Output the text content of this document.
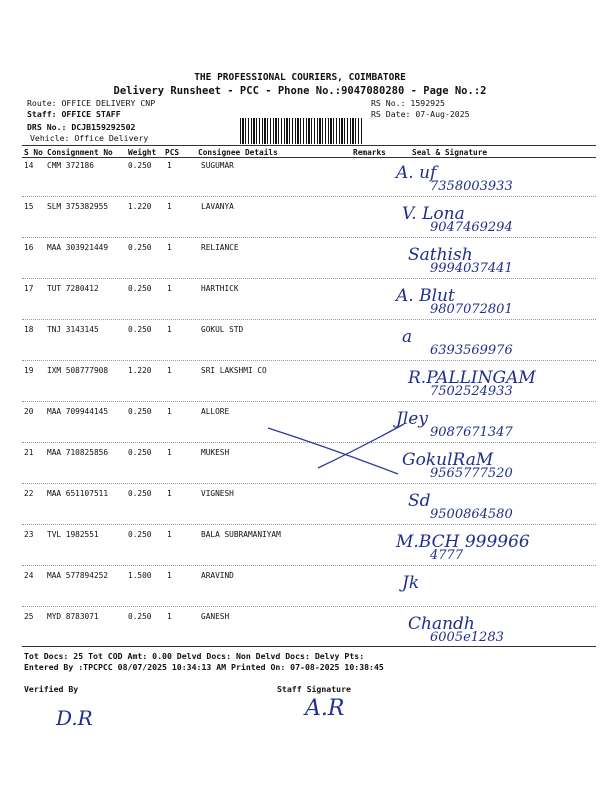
THE PROFESSIONAL COURIERS, COIMBATORE
Delivery Runsheet - PCC - Phone No.:9047080280 - Page No.:2
Route: OFFICE DELIVERY CNP
Staff: OFFICE STAFF
DRS No.: DCJB159292502
Vehicle: Office Delivery
RS No.: 1592925
RS Date: 07-Aug-2025
S No Consignment No Weight PCS Consignee Details	Remarks	Seal & Signature
14 CMM 372186	0.250 1	SUGUMAR	A. uf
7358003933
15 SLM 375382955	1.220 1	LAVANYA	V. Lona
9047469294
16 MAA 303921449	0.250 1	RELIANCE	Sathish
9994037441
17 TUT 7280412	0.250 1	HARTHICK	A. Blut
9807072801
18 TNJ 3143145	0.250 1	GOKUL STD	a
6393569976
19 IXM 508777908	1.220 1	SRI LAKSHMI CO	R.PALLINGAM
7502524933
20 MAA 709944145	0.250 1	ALLORE	Jley
9087671347
21 MAA 710825856	0.250 1	MUKESH	GokulRaM
9565777520
22 MAA 651107511	0.250 1	VIGNESH	Sd
9500864580
23 TVL 1982551	0.250 1	BALA SUBRAMANIYAM	M.BCH 999966
4777
24 MAA 577894252	1.500 1	ARAVIND	Jk
25 MYD 8783071	0.250 1	GANESH	Chandh
6005e1283
Tot Docs: 25 Tot COD Amt: 0.00 Delvd Docs: Non Delvd Docs: Delvy Pts:
Entered By :TPCPCC 08/07/2025 10:34:13 AM Printed On: 07-08-2025 10:38:45
Verified By	Staff Signature
D.R	A.R
